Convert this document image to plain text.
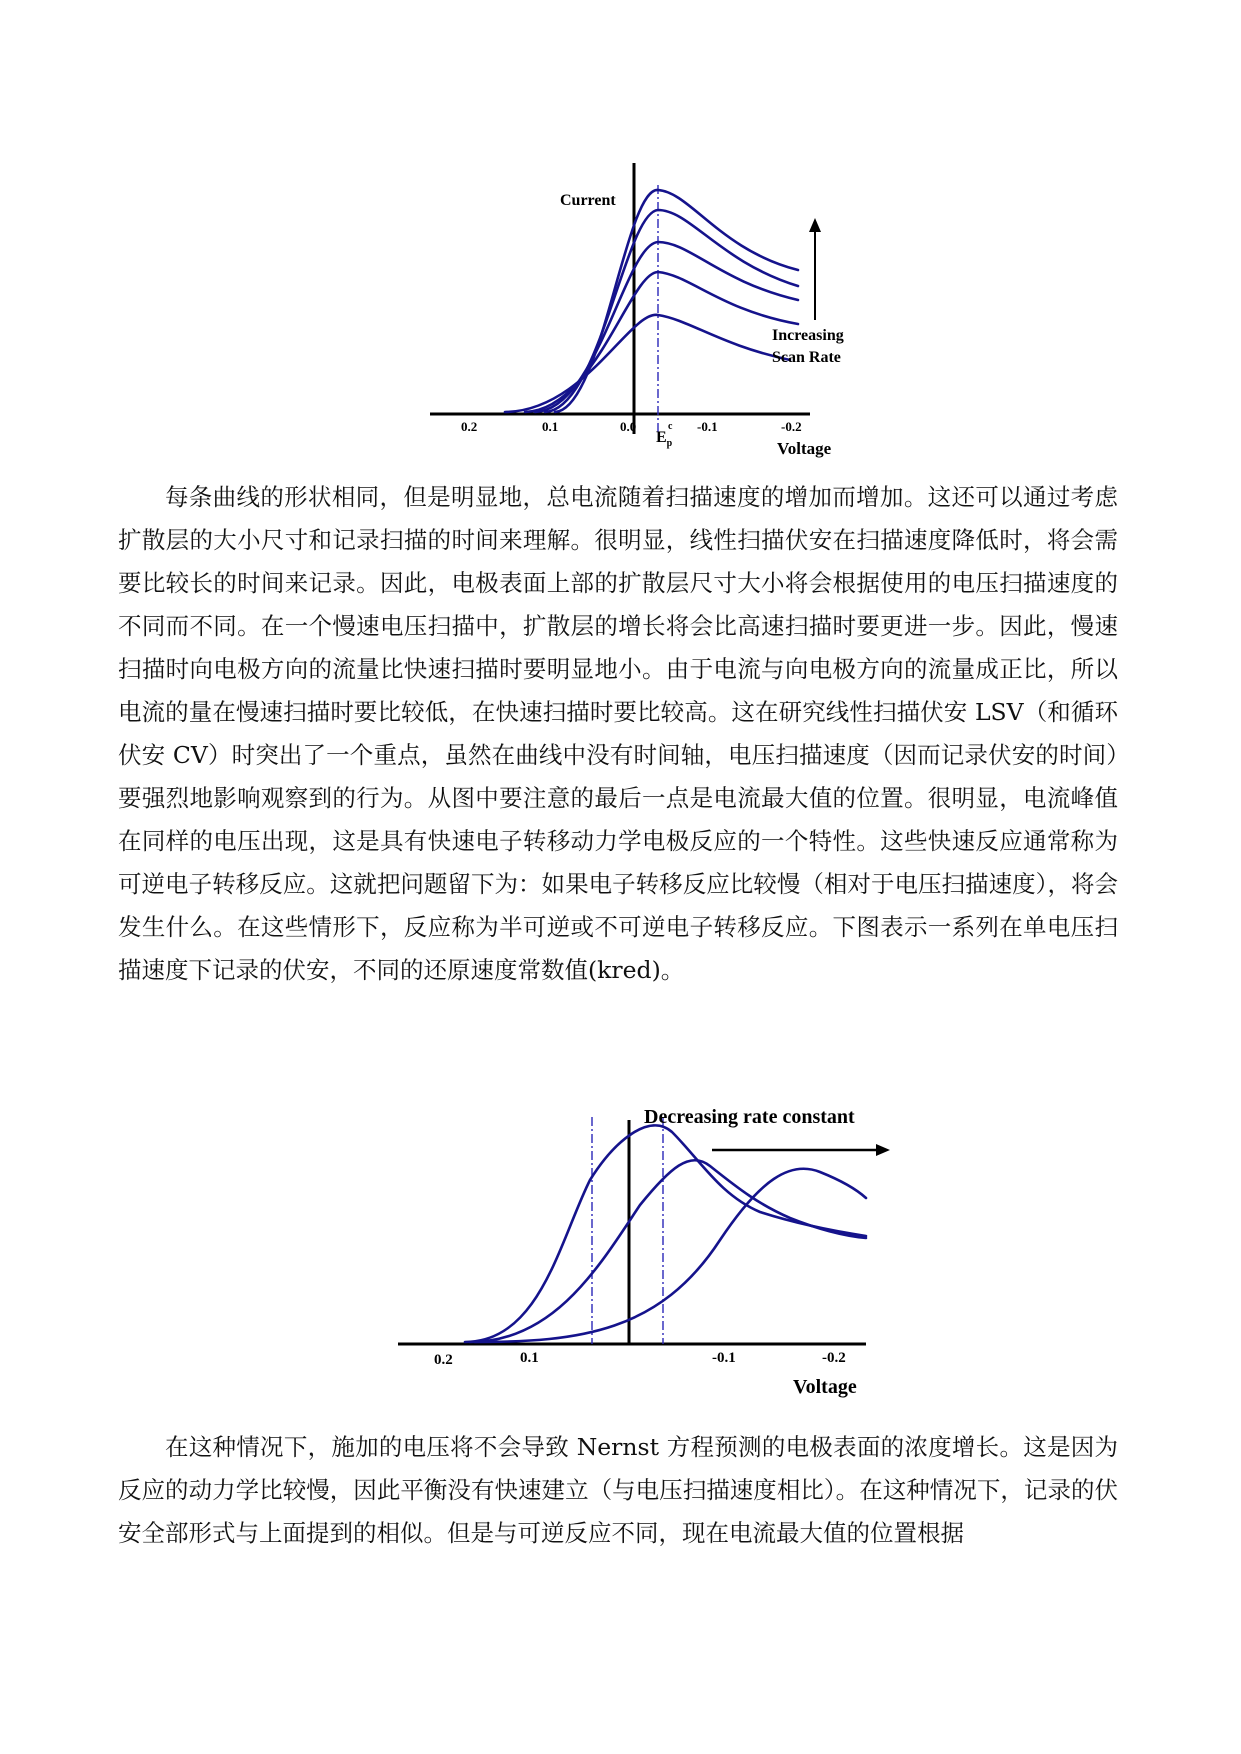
Current
Increasing
Scan Rate
0.2	0.1	0.0	-0.1	-0.2
$E_p$
c
Voltage

每条曲线的形状相同，但是明显地，总电流随着扫描速度的增加而增加。这还可以通过考虑扩散层的大小尺寸和记录扫描的时间来理解。很明显，线性扫描伏安在扫描速度降低时，将会需要比较长的时间来记录。因此，电极表面上部的扩散层尺寸大小将会根据使用的电压扫描速度的不同而不同。在一个慢速电压扫描中，扩散层的增长将会比高速扫描时要更进一步。因此，慢速扫描时向电极方向的流量比快速扫描时要明显地小。由于电流与向电极方向的流量成正比，所以电流的量在慢速扫描时要比较低，在快速扫描时要比较高。这在研究线性扫描伏安 LSV（和循环伏安 CV）时突出了一个重点，虽然在曲线中没有时间轴，电压扫描速度（因而记录伏安的时间）要强烈地影响观察到的行为。从图中要注意的最后一点是电流最大值的位置。很明显，电流峰值在同样的电压出现，这是具有快速电子转移动力学电极反应的一个特性。这些快速反应通常称为可逆电子转移反应。这就把问题留下为：如果电子转移反应比较慢（相对于电压扫描速度），将会发生什么。在这些情形下，反应称为半可逆或不可逆电子转移反应。下图表示一系列在单电压扫描速度下记录的伏安，不同的还原速度常数值(kred)。

Decreasing rate constant
0.2	0.1	-0.1	-0.2
Voltage

在这种情况下，施加的电压将不会导致 Nernst 方程预测的电极表面的浓度增长。这是因为反应的动力学比较慢，因此平衡没有快速建立（与电压扫描速度相比）。在这种情况下，记录的伏安全部形式与上面提到的相似。但是与可逆反应不同，现在电流最大值的位置根据
